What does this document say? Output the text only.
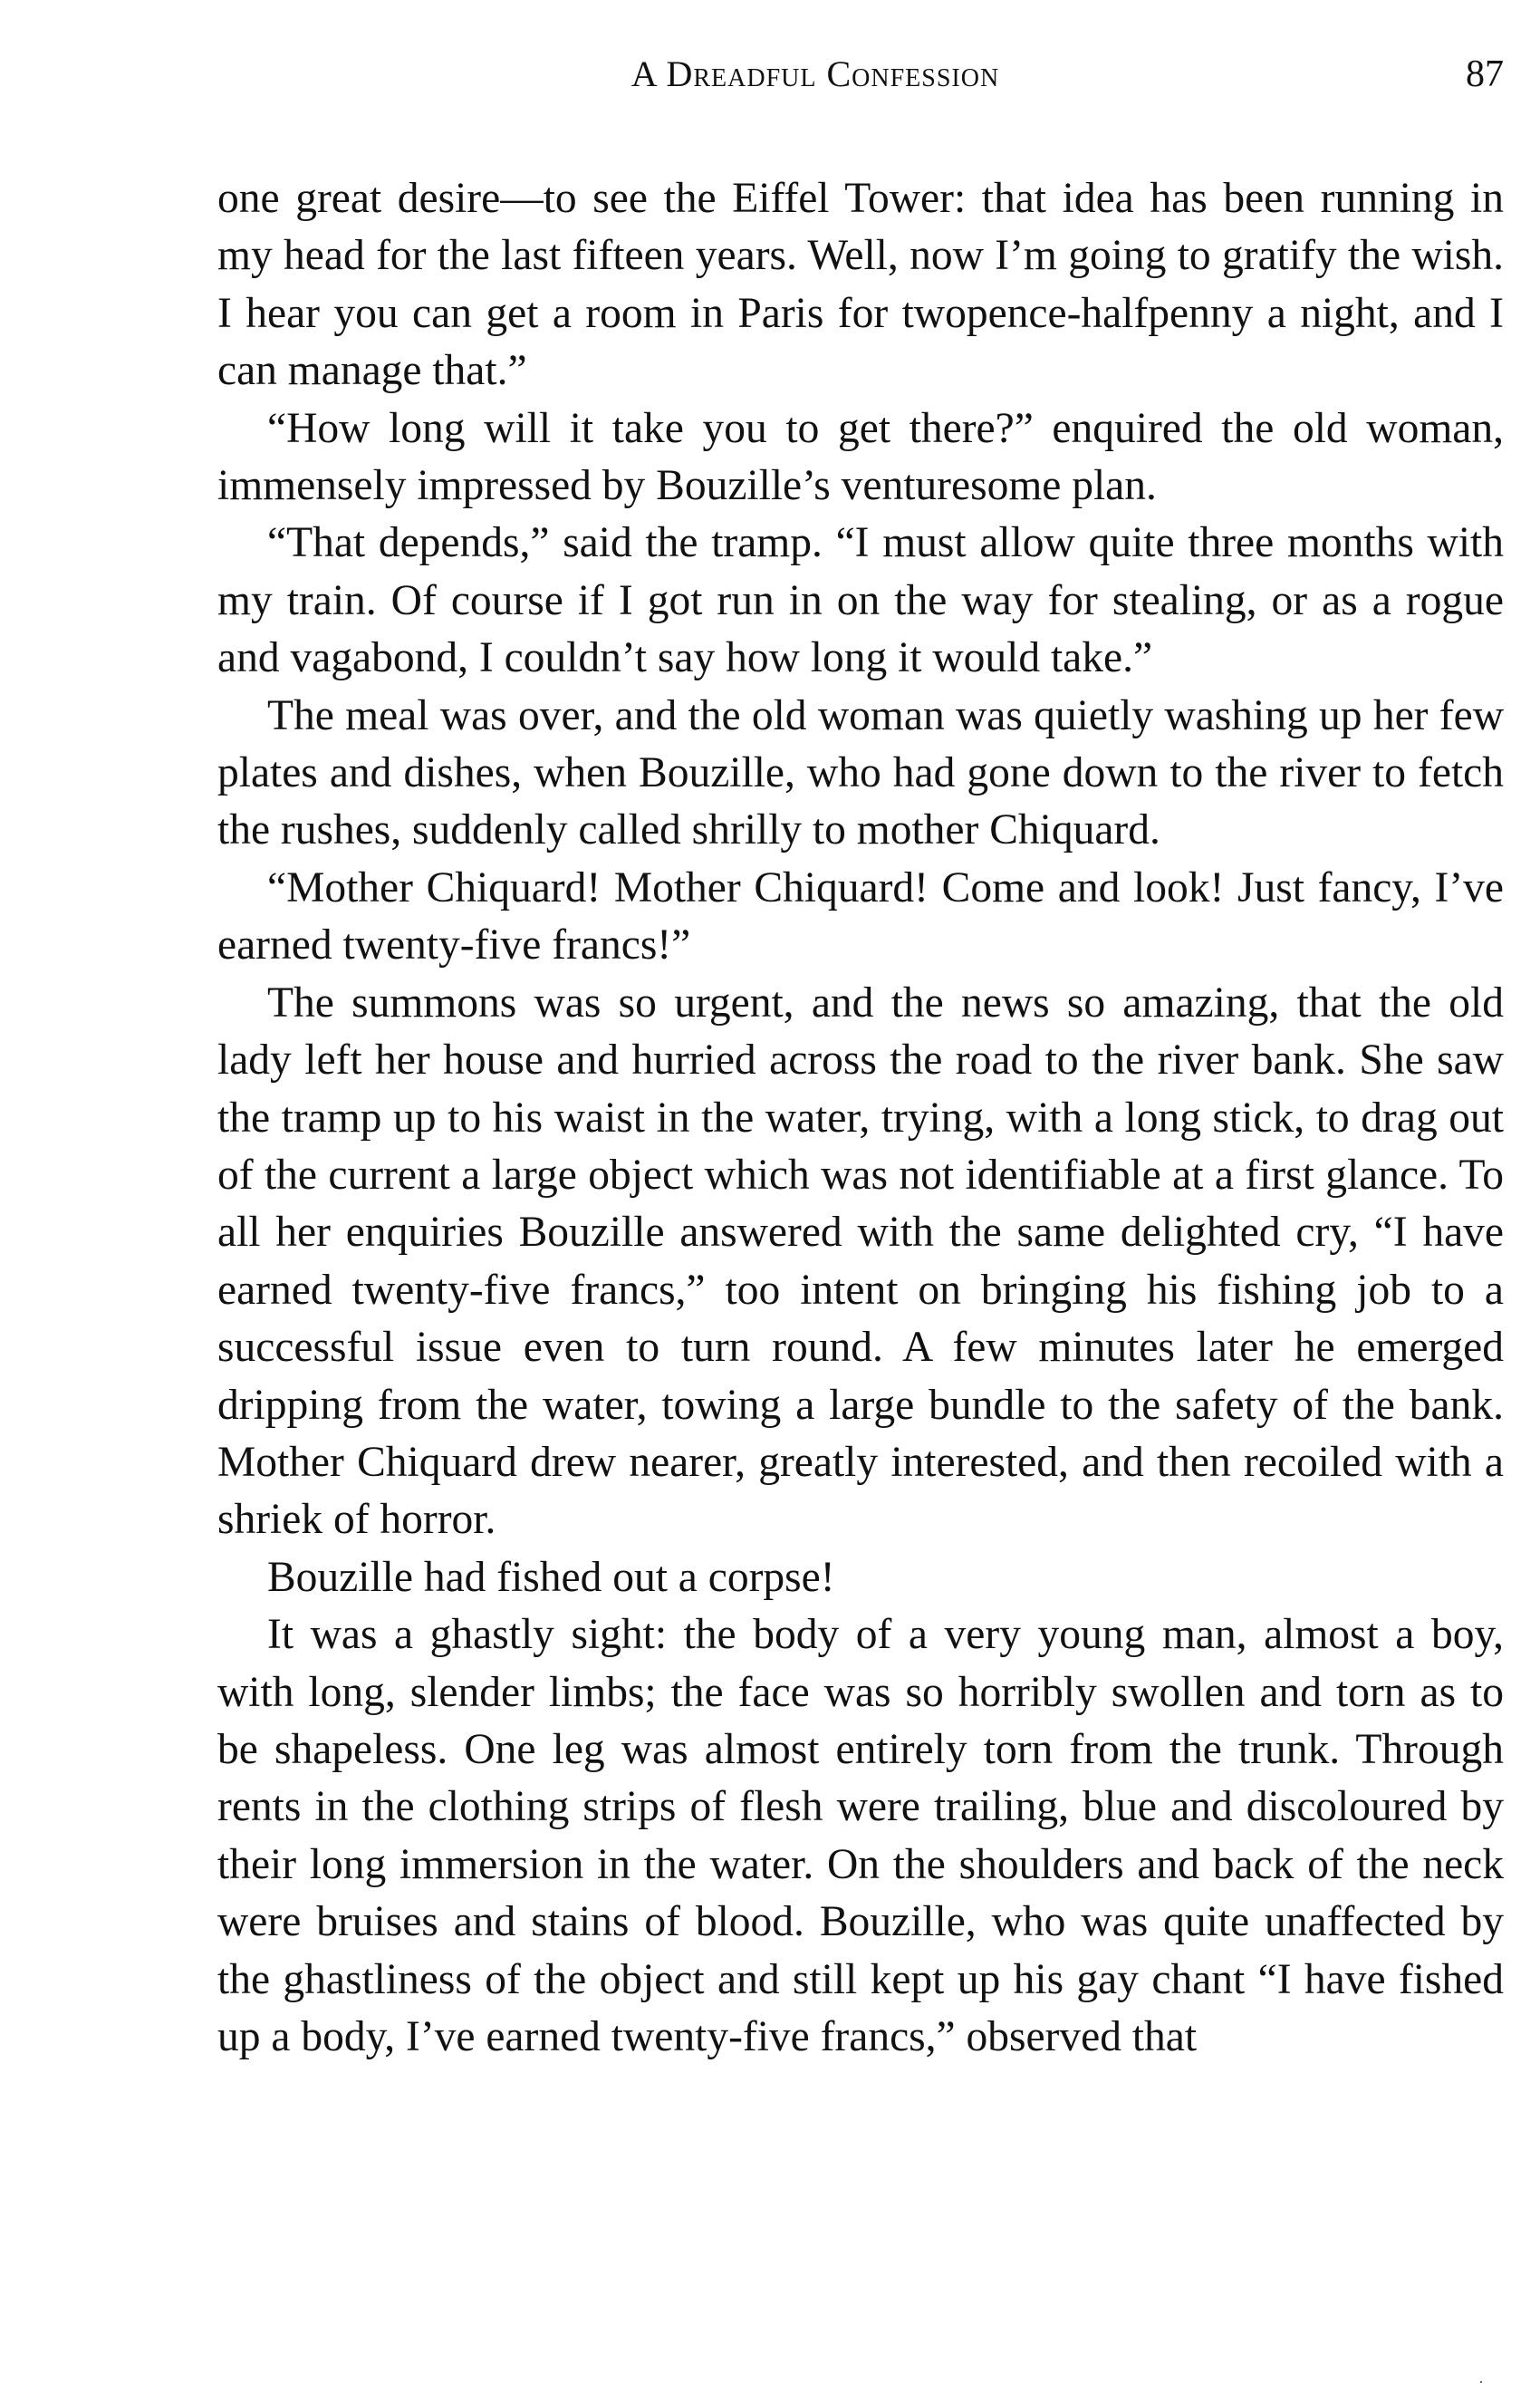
A Dreadful Confession	87

one great desire—to see the Eiffel Tower: that idea has been running in my head for the last fifteen years. Well, now I’m going to gratify the wish. I hear you can get a room in Paris for twopence-halfpenny a night, and I can manage that.”

“How long will it take you to get there?” enquired the old woman, immensely impressed by Bouzille’s venturesome plan.

“That depends,” said the tramp. “I must allow quite three months with my train. Of course if I got run in on the way for stealing, or as a rogue and vagabond, I couldn’t say how long it would take.”

The meal was over, and the old woman was quietly washing up her few plates and dishes, when Bouzille, who had gone down to the river to fetch the rushes, suddenly called shrilly to mother Chiquard.

“Mother Chiquard! Mother Chiquard! Come and look! Just fancy, I’ve earned twenty-five francs!”

The summons was so urgent, and the news so amazing, that the old lady left her house and hurried across the road to the river bank. She saw the tramp up to his waist in the water, trying, with a long stick, to drag out of the current a large object which was not identifiable at a first glance. To all her enquiries Bouzille answered with the same delighted cry, “I have earned twenty-five francs,” too intent on bringing his fishing job to a successful issue even to turn round. A few minutes later he emerged dripping from the water, towing a large bundle to the safety of the bank. Mother Chiquard drew nearer, greatly interested, and then recoiled with a shriek of horror.

Bouzille had fished out a corpse!

It was a ghastly sight: the body of a very young man, almost a boy, with long, slender limbs; the face was so horribly swollen and torn as to be shapeless. One leg was almost entirely torn from the trunk. Through rents in the clothing strips of flesh were trailing, blue and discoloured by their long immersion in the water. On the shoulders and back of the neck were bruises and stains of blood. Bouzille, who was quite unaffected by the ghastliness of the object and still kept up his gay chant “I have fished up a body, I’ve earned twenty-five francs,” observed that
